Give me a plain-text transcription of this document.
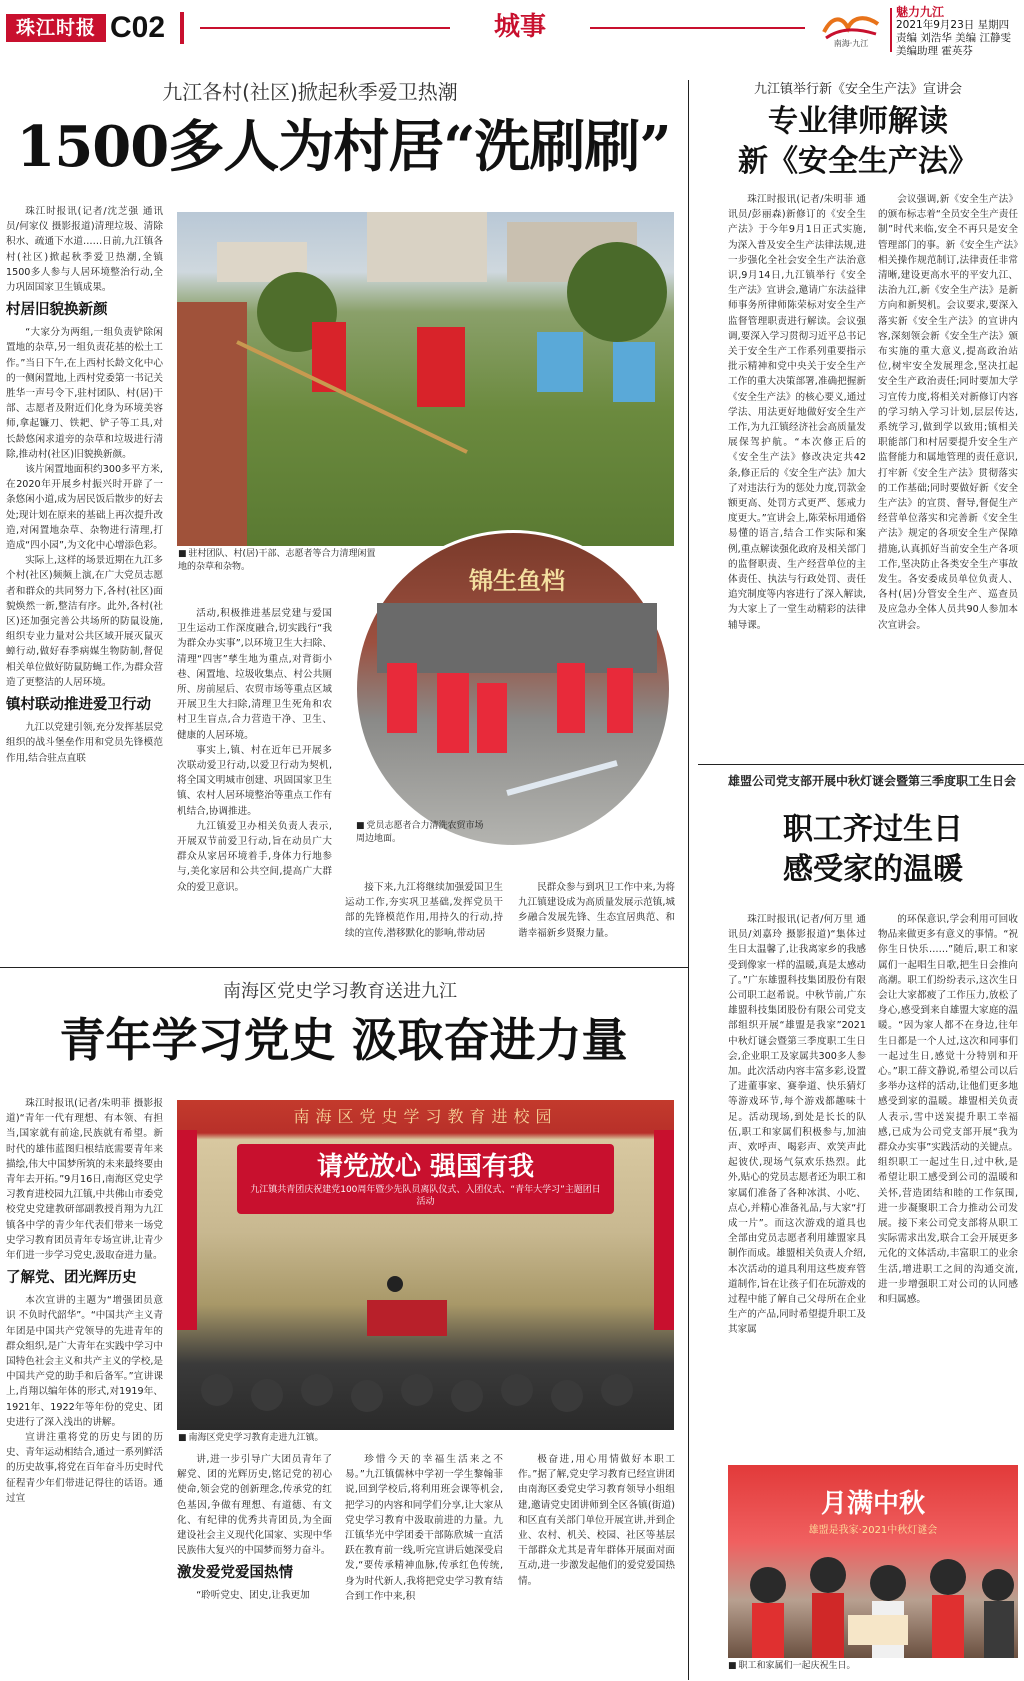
珠江时报 C02	城事
南海·九江
魅力九江
2021年9月23日 星期四
责编 刘浩华 美编 江静雯
美编助理 霍英芬
九江各村(社区)掀起秋季爱卫热潮
1500多人为村居“洗刷刷”

珠江时报讯(记者/沈芝强 通讯员/何家仪 摄影报道)清理垃圾、清除积水、疏通下水道……日前,九江镇各村(社区)掀起秋季爱卫热潮,全镇1500多人参与人居环境整治行动,全力巩固国家卫生镇成果。

村居旧貌换新颜

“大家分为两组,一组负责铲除闲置地的杂草,另一组负责花基的松土工作。”当日下午,在上西村长龄文化中心的一侧闲置地,上西村党委第一书记关胜华一声号令下,驻村团队、村(居)干部、志愿者及附近们化身为环境美容师,拿起镰刀、铁耙、铲子等工具,对长龄悠闲求道旁的杂草和垃圾进行清除,推动村(社区)旧貌换新颜。

该片闲置地面积约300多平方米,在2020年开展乡村振兴时开辟了一条悠闲小道,成为居民饭后散步的好去处;现计划在原来的基础上再次提升改造,对闲置地杂草、杂物进行清理,打造成“四小园”,为文化中心增添色彩。

实际上,这样的场景近期在九江多个村(社区)频频上演,在广大党员志愿者和群众的共同努力下,各村(社区)面貌焕然一新,整洁有序。此外,各村(社区)还加强完善公共场所的防鼠设施,组织专业力量对公共区域开展灭鼠灭蟑行动,做好春季病媒生物防制,督促相关单位做好防鼠防蝇工作,为群众营造了更整洁的人居环境。

镇村联动推进爱卫行动

九江以党建引领,充分发挥基层党组织的战斗堡垒作用和党员先锋模范作用,结合驻点直联

■ 驻村团队、村(居)干部、志愿者等合力清理闲置地的杂草和杂物。	锦生鱼档
■ 党员志愿者合力清洗农贸市场周边地面。

活动,积极推进基层党建与爱国卫生运动工作深度融合,切实践行“我为群众办实事”,以环境卫生大扫除、清理“四害”孳生地为重点,对背街小巷、闲置地、垃圾收集点、村公共厕所、房前屋后、农贸市场等重点区域开展卫生大扫除,清理卫生死角和农村卫生盲点,合力营造干净、卫生、健康的人居环境。

事实上,镇、村在近年已开展多次联动爱卫行动,以爱卫行动为契机,将全国文明城市创建、巩固国家卫生镇、农村人居环境整治等重点工作有机结合,协调推进。

九江镇爱卫办相关负责人表示,开展双节前爱卫行动,旨在动员广大群众从家居环境着手,身体力行地参与,美化家居和公共空间,提高广大群众的爱卫意识。	接下来,九江将继续加强爱国卫生运动工作,夯实巩卫基础,发挥党员干部的先锋模范作用,用持久的行动,持续的宣传,潜移默化的影响,带动居

民群众参与到巩卫工作中来,为将九江镇建设成为高质量发展示范镇,城乡融合发展先锋、生态宜居典范、和谐幸福新乡贤聚力量。

九江镇举行新《安全生产法》宣讲会
专业律师解读
新《安全生产法》

珠江时报讯(记者/朱明菲 通讯员/彭丽森)新修订的《安全生产法》于今年9月1日正式实施,为深入普及安全生产法律法规,进一步强化全社会安全生产法治意识,9月14日,九江镇举行《安全生产法》宣讲会,邀请广东法益律师事务所律师陈荣标对安全生产监督管理职责进行解读。会议强调,要深入学习贯彻习近平总书记关于安全生产工作系列重要指示批示精神和党中央关于安全生产工作的重大决策部署,准确把握新《安全生产法》的核心要义,通过学法、用法更好地做好安全生产工作,为九江镇经济社会高质量发展保驾护航。“本次修正后的《安全生产法》修改决定共42条,修正后的《安全生产法》加大了对违法行为的惩处力度,罚款金额更高、处罚方式更严、惩戒力度更大。”宣讲会上,陈荣标用通俗易懂的语言,结合工作实际和案例,重点解读强化政府及相关部门的监督职责、生产经营单位的主体责任、执法与行政处罚、责任追究制度等内容进行了深入解读,为大家上了一堂生动精彩的法律辅导课。

会议强调,新《安全生产法》的颁布标志着“全员安全生产责任制”时代来临,安全不再只是安全管理部门的事。新《安全生产法》相关操作规范制订,法律责任非常清晰,建设更高水平的平安九江、法治九江,新《安全生产法》是新方向和新契机。会议要求,要深入落实新《安全生产法》的宣讲内容,深刻领会新《安全生产法》颁布实施的重大意义,提高政治站位,树牢安全发展理念,坚决扛起安全生产政治责任;同时要加大学习宣传力度,将相关对新修订内容的学习纳入学习计划,层层传达,系统学习,做到学以致用;镇相关职能部门和村居要提升安全生产监督能力和属地管理的责任意识,打牢新《安全生产法》贯彻落实的工作基础;同时要做好新《安全生产法》的宣贯、督导,督促生产经营单位落实和完善新《安全生产法》规定的各项安全生产保障措施,认真抓好当前安全生产各项工作,坚决防止各类安全生产事故发生。各安委成员单位负责人、各村(居)分管安全生产、巡查员及应急办全体人员共90人参加本次宣讲会。

雄盟公司党支部开展中秋灯谜会暨第三季度职工生日会
职工齐过生日
感受家的温暖

珠江时报讯(记者/何万里 通讯员/刘嘉玲 摄影报道)“集体过生日太温馨了,让我离家乡的我感受到像家一样的温暖,真是太感动了。”广东雄盟科技集团股份有限公司职工赵希说。中秋节前,广东雄盟科技集团股份有限公司党支部组织开展“雄盟是我家”2021中秋灯谜会暨第三季度职工生日会,企业职工及家属共300多人参加。此次活动内容丰富多彩,设置了进董事家、赛拳道、快乐猜灯等游戏环节,每个游戏都趣味十足。活动现场,到处是长长的队伍,职工和家属们积极参与,加油声、欢呼声、喝彩声、欢笑声此起彼伏,现场气氛欢乐热烈。此外,贴心的党员志愿者还为职工和家属们准备了各种冰淇、小吃、点心,并精心准备礼品,与大家“打成一片”。而这次游戏的道具也全部由党员志愿者利用雄盟家具制作而成。雄盟相关负责人介绍,本次活动的道具利用这些废弃管道制作,旨在让孩子们在玩游戏的过程中能了解自己父母所在企业生产的产品,同时希望提升职工及其家属

的环保意识,学会利用可回收物品来做更多有意义的事情。“祝你生日快乐……”随后,职工和家属们一起唱生日歌,把生日会推向高潮。职工们纷纷表示,这次生日会让大家都疲了工作压力,放松了身心,感受到来自雄盟大家庭的温暖。“因为家人都不在身边,往年生日都是一个人过,这次和同事们一起过生日,感觉十分特别和开心。”职工薛文静说,希望公司以后多举办这样的活动,让他们更多地感受到家的温暖。雄盟相关负责人表示,雪中送炭提升职工幸福感,已成为公司党支部开展“我为群众办实事”实践活动的关键点。组织职工一起过生日,过中秋,是希望让职工感受到公司的温暖和关怀,营造团结和睦的工作氛围,进一步凝聚职工合力推动公司发展。接下来公司党支部将从职工实际需求出发,联合工会开展更多元化的文体活动,丰富职工的业余生活,增进职工之间的沟通交流,进一步增强职工对公司的认同感和归属感。

月满中秋
雄盟是我家·2021中秋灯谜会
■ 职工和家属们一起庆祝生日。
南海区党史学习教育送进九江
青年学习党史 汲取奋进力量

珠江时报讯(记者/朱明菲 摄影报道)“青年一代有理想、有本领、有担当,国家就有前途,民族就有希望。新时代的雄伟蓝图归根结底需要青年来描绘,伟大中国梦所筑的未来最终要由青年去开拓。”9月16日,南海区党史学习教育进校园九江镇,中共佛山市委党校党史党建教研部副教授肖翔为九江镇各中学的青少年代表们带来一场党史学习教育团员青年专场宣讲,让青少年们进一步学习党史,汲取奋进力量。

了解党、团光辉历史

本次宣讲的主题为“增强团员意识 不负时代韶华”。“中国共产主义青年团是中国共产党领导的先进青年的群众组织,是广大青年在实践中学习中国特色社会主义和共产主义的学校,是中国共产党的助手和后备军。”宣讲课上,肖翔以编年体的形式,对1919年、1921年、1922年等年份的党史、团史进行了深入浅出的讲解。

宣讲注重将党的历史与团的历史、青年运动相结合,通过一系列鲜活的历史故事,将党在百年奋斗历史时代征程青少年们带进记得往的话语。通过宣

南海区党史学习教育进校园
请党放心 强国有我
九江镇共青团庆祝建党100周年暨少先队员离队仪式、入团仪式、“青年大学习”主题团日活动
■ 南海区党史学习教育走进九江镇。

讲,进一步引导广大团员青年了解党、团的光辉历史,铭记党的初心使命,领会党的创新理念,传承党的红色基因,争做有理想、有道德、有文化、有纪律的优秀共青团员,为全面建设社会主义现代化国家、实现中华民族伟大复兴的中国梦而努力奋斗。

激发爱党爱国热情

“聆听党史、团史,让我更加

珍惜今天的幸福生活来之不易。”九江镇儒林中学初一学生黎翰菲说,回到学校后,将利用班会课等机会,把学习的内容和同学们分享,让大家从党史学习教育中汲取前进的力量。九江镇华光中学团委干部陈欣城一直活跃在教育前一线,听完宣讲后她深受启发,“要传承精神血脉,传承红色传统,身为时代新人,我将把党史学习教育结合到工作中来,积

极奋进,用心用情做好本职工作。”据了解,党史学习教育已经宣讲团由南海区委党史学习教育领导小组组建,邀请党史团讲师到全区各镇(街道)和区直有关部门单位开展宣讲,并到企业、农村、机关、校园、社区等基层干部群众尤其是青年群体开展面对面互动,进一步激发起他们的爱党爱国热情。
